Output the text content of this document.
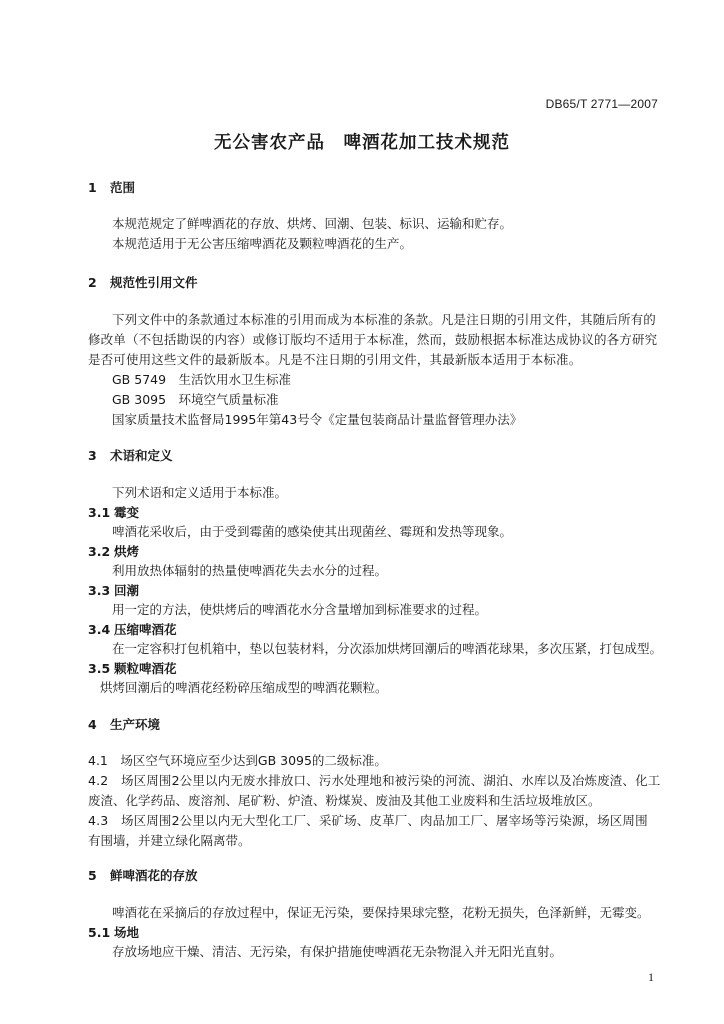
DB65/T 2771—2007
无公害农产品　啤酒花加工技术规范
1 范围
本规范规定了鲜啤酒花的存放、烘烤、回潮、包装、标识、运输和贮存。
本规范适用于无公害压缩啤酒花及颗粒啤酒花的生产。
2 规范性引用文件
下列文件中的条款通过本标准的引用而成为本标准的条款。凡是注日期的引用文件，其随后所有的
修改单（不包括勘误的内容）或修订版均不适用于本标准，然而，鼓励根据本标准达成协议的各方研究
是否可使用这些文件的最新版本。凡是不注日期的引用文件，其最新版本适用于本标准。
GB 5749　生活饮用水卫生标准
GB 3095　环境空气质量标准
国家质量技术监督局1995年第43号令《定量包装商品计量监督管理办法》
3 术语和定义
下列术语和定义适用于本标准。
3.1 霉变
啤酒花采收后，由于受到霉菌的感染使其出现菌丝、霉斑和发热等现象。
3.2 烘烤
利用放热体辐射的热量使啤酒花失去水分的过程。
3.3 回潮
用一定的方法，使烘烤后的啤酒花水分含量增加到标准要求的过程。
3.4 压缩啤酒花
在一定容积打包机箱中，垫以包装材料，分次添加烘烤回潮后的啤酒花球果，多次压紧，打包成型。
3.5 颗粒啤酒花
烘烤回潮后的啤酒花经粉碎压缩成型的啤酒花颗粒。
4 生产环境
4.1　场区空气环境应至少达到GB 3095的二级标准。
4.2　场区周围2公里以内无废水排放口、污水处理地和被污染的河流、湖泊、水库以及冶炼废渣、化工
废渣、化学药品、废溶剂、尾矿粉、炉渣、粉煤炭、废油及其他工业废料和生活垃圾堆放区。
4.3　场区周围2公里以内无大型化工厂、采矿场、皮革厂、肉品加工厂、屠宰场等污染源，场区周围
有围墙，并建立绿化隔离带。
5 鲜啤酒花的存放
啤酒花在采摘后的存放过程中，保证无污染，要保持果球完整，花粉无损失，色泽新鲜，无霉变。
5.1 场地
存放场地应干燥、清洁、无污染，有保护措施使啤酒花无杂物混入并无阳光直射。
1
